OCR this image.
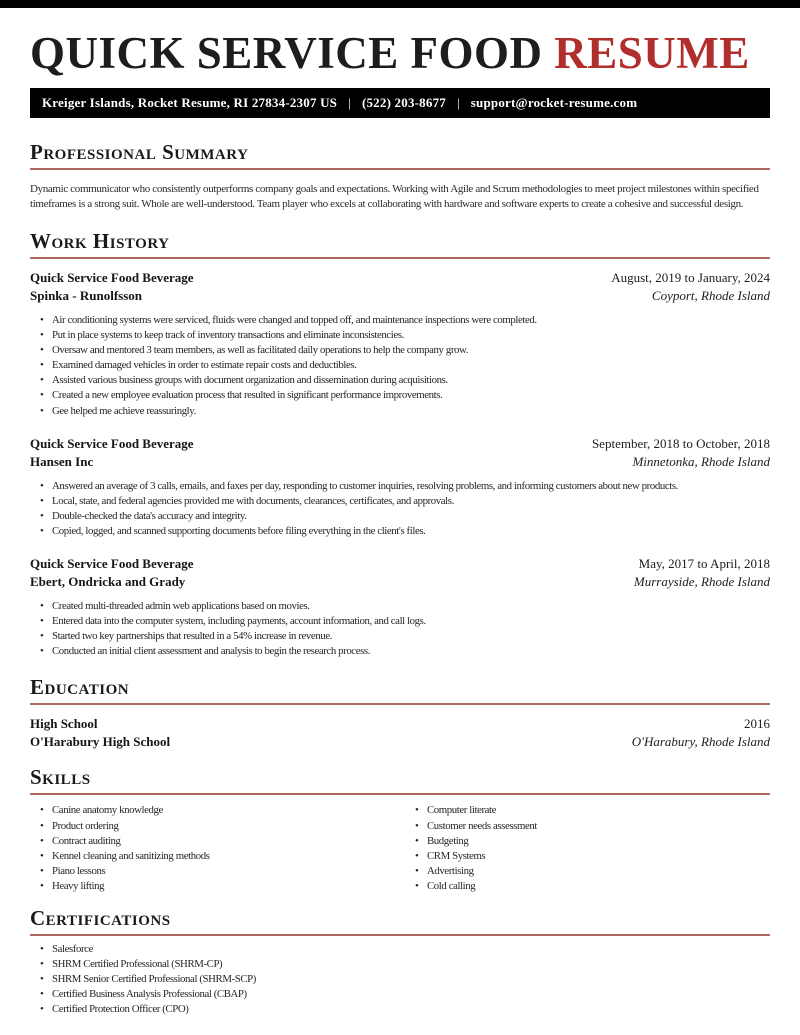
QUICK SERVICE FOOD RESUME
Kreiger Islands, Rocket Resume, RI 27834-2307 US | (522) 203-8677 | support@rocket-resume.com
Professional Summary

Dynamic communicator who consistently outperforms company goals and expectations. Working with Agile and Scrum methodologies to meet project milestones within specified timeframes is a strong suit. Whole are well-understood. Team player who excels at collaborating with hardware and software experts to create a cohesive and successful design.

Work History
Quick Service Food Beverage	August, 2019 to January, 2024
Spinka - Runolfsson	Coyport, Rhode Island
• Air conditioning systems were serviced, fluids were changed and topped off, and maintenance inspections were completed.
• Put in place systems to keep track of inventory transactions and eliminate inconsistencies.
• Oversaw and mentored 3 team members, as well as facilitated daily operations to help the company grow.
• Examined damaged vehicles in order to estimate repair costs and deductibles.
• Assisted various business groups with document organization and dissemination during acquisitions.
• Created a new employee evaluation process that resulted in significant performance improvements.
• Gee helped me achieve reassuringly.
Quick Service Food Beverage	September, 2018 to October, 2018
Hansen Inc	Minnetonka, Rhode Island
• Answered an average of 3 calls, emails, and faxes per day, responding to customer inquiries, resolving problems, and informing customers about new products.
• Local, state, and federal agencies provided me with documents, clearances, certificates, and approvals.
• Double-checked the data's accuracy and integrity.
• Copied, logged, and scanned supporting documents before filing everything in the client's files.
Quick Service Food Beverage	May, 2017 to April, 2018
Ebert, Ondricka and Grady	Murrayside, Rhode Island
• Created multi-threaded admin web applications based on movies.
• Entered data into the computer system, including payments, account information, and call logs.
• Started two key partnerships that resulted in a 54% increase in revenue.
• Conducted an initial client assessment and analysis to begin the research process.
Education
High School	2016
O'Harabury High School	O'Harabury, Rhode Island
Skills
• Canine anatomy knowledge
• Product ordering
• Contract auditing
• Kennel cleaning and sanitizing methods
• Piano lessons
• Heavy lifting
• Computer literate
• Customer needs assessment
• Budgeting
• CRM Systems
• Advertising
• Cold calling
Certifications
• Salesforce
• SHRM Certified Professional (SHRM-CP)
• SHRM Senior Certified Professional (SHRM-SCP)
• Certified Business Analysis Professional (CBAP)
• Certified Protection Officer (CPO)
